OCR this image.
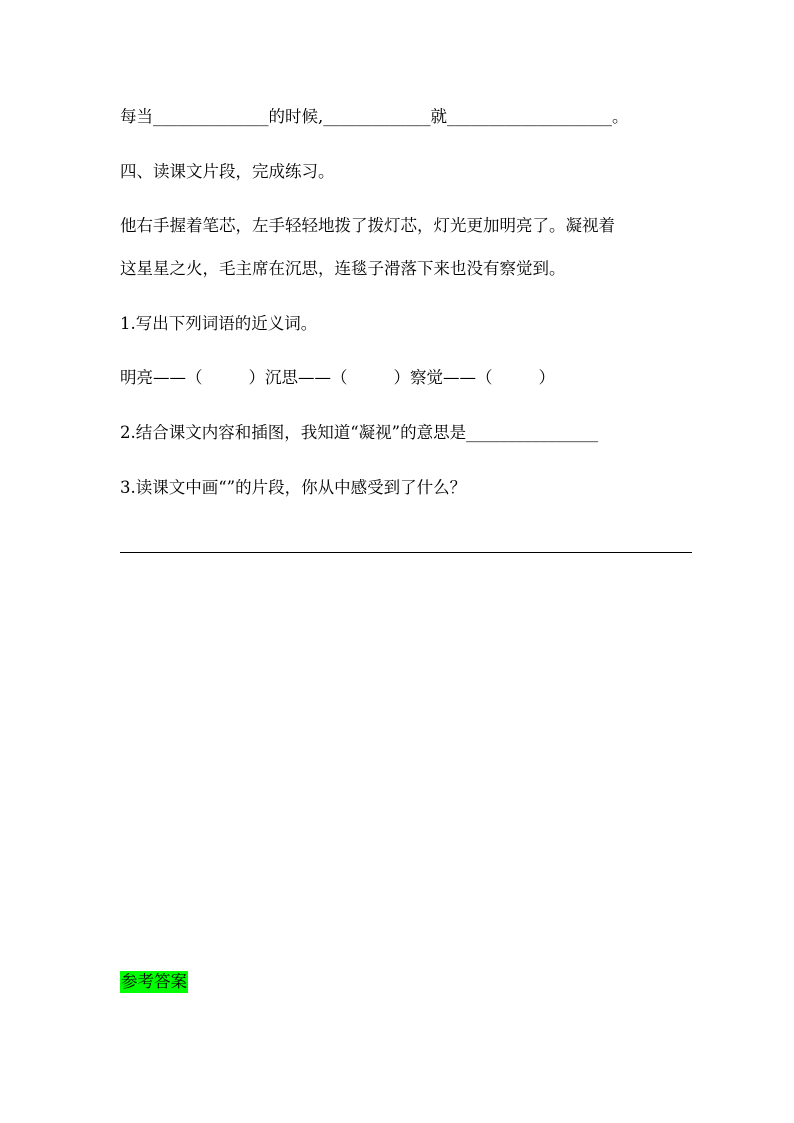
每当______________的时候,_____________就____________________。
四、读课文片段，完成练习。
他右手握着笔芯，左手轻轻地拨了拨灯芯，灯光更加明亮了。凝视着
这星星之火，毛主席在沉思，连毯子滑落下来也没有察觉到。
1.写出下列词语的近义词。
明亮——（	）沉思——（	）察觉——（	）
2.结合课文内容和插图，我知道“凝视”的意思是________________
3.读课文中画“”的片段，你从中感受到了什么？
参考答案
